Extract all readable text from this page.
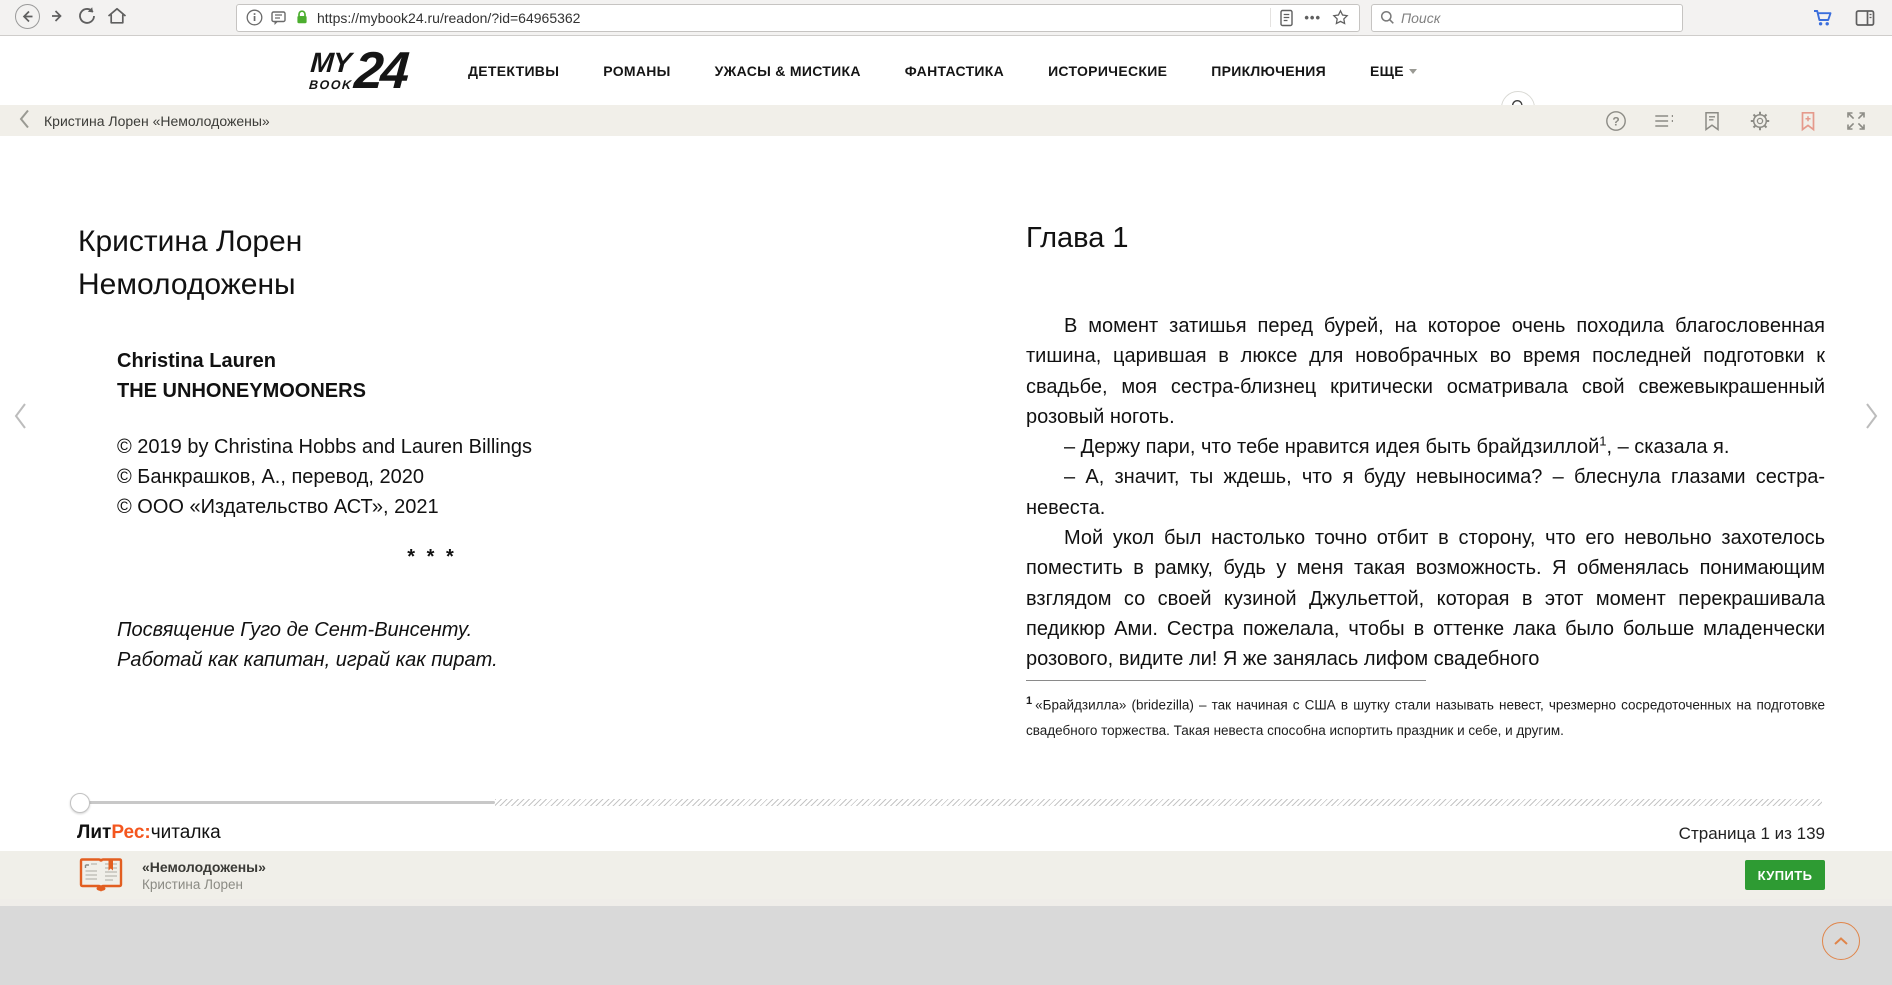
https://mybook24.ru/readon/?id=64965362	•••
Поиск
MY
BOOK 24	ДЕТЕКТИВЫ	РОМАНЫ	УЖАСЫ & МИСТИКА	ФАНТАСТИКА	ИСТОРИЧЕСКИЕ	ПРИКЛЮЧЕНИЯ	ЕЩЕ
Кристина Лорен «Немолодожены»	?
Кристина Лорен
Немолодожены
Christina Lauren
THE UNHONEYMOONERS
© 2019 by Christina Hobbs and Lauren Billings
© Банкрашков, А., перевод, 2020
© ООО «Издательство АСТ», 2021
* * *
Посвящение Гуго де Сент-Винсенту.
Работай как капитан, играй как пират.
Глава 1

В момент затишья перед бурей, на которое очень походила благословенная тишина, царившая в люксе для новобрачных во время последней подготовки к свадьбе, моя сестра-близнец критически осматривала свой свежевыкрашенный розовый ноготь.

– Держу пари, что тебе нравится идея быть брайдзиллой$^1$, – сказала я.

– А, значит, ты ждешь, что я буду невыносима? – блеснула глазами сестра-невеста.

Мой укол был настолько точно отбит в сторону, что его невольно захотелось поместить в рамку, будь у меня такая возможность. Я обменялась понимающим взглядом со своей кузиной Джульеттой, которая в этот момент перекрашивала педикюр Ами. Сестра пожелала, чтобы в оттенке лака было больше младенчески розового, видите ли! Я же занялась лифом свадебного

$^1$ «Брайдзилла» (bridezilla) – так начиная с США в шутку стали называть невест, чрезмерно сосредоточенных на подготовке свадебного торжества. Такая невеста способна испортить праздник и себе, и другим.
ЛитРес:читалка	Страница 1 из 139
«Немолодожены»
Кристина Лорен
КУПИТЬ
